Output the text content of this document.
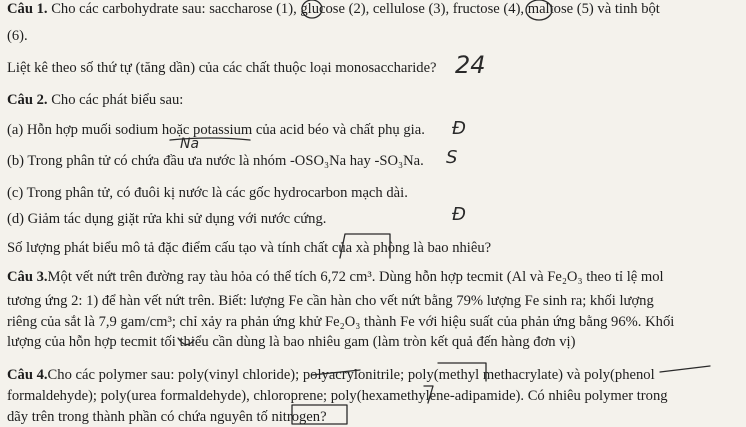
Câu 1. Cho các carbohydrate sau: saccharose (1), glucose (2), cellulose (3), fructose (4), maltose (5) và tinh bột
(6).
Liệt kê theo số thứ tự (tăng dần) của các chất thuộc loại monosaccharide? 24
Câu 2. Cho các phát biểu sau:
(a) Hỗn hợp muối sodium hoặc potassium của acid béo và chất phụ gia. Đ
Na
(b) Trong phân tử có chứa đầu ưa nước là nhóm -OSO₃Na hay -SO₃Na. S
(c) Trong phân tử, có đuôi kị nước là các gốc hydrocarbon mạch dài.
(d) Giảm tác dụng giặt rửa khi sử dụng với nước cứng.	Đ
Số lượng phát biểu mô tả đặc điểm cấu tạo và tính chất của xà phòng là bao nhiêu?
Câu 3.Một vết nứt trên đường ray tàu hỏa có thể tích 6,72 cm³. Dùng hỗn hợp tecmit (Al và Fe₂O₃ theo tỉ lệ mol
tương ứng 2: 1) để hàn vết nứt trên. Biết: lượng Fe cần hàn cho vết nứt bằng 79% lượng Fe sinh ra; khối lượng
riêng của sắt là 7,9 gam/cm³; chỉ xảy ra phản ứng khử Fe₂O₃ thành Fe với hiệu suất của phản ứng bằng 96%. Khối
lượng của hỗn hợp tecmit tối thiểu cần dùng là bao nhiêu gam (làm tròn kết quả đến hàng đơn vị)
Câu 4.Cho các polymer sau: poly(vinyl chloride); polyacrylonitrile; poly(methyl methacrylate) và poly(phenol
formaldehyde); poly(urea formaldehyde), chloroprene; poly(hexamethylene-adipamide). Có nhiêu polymer trong
dãy trên trong thành phần có chứa nguyên tố nitrogen?
